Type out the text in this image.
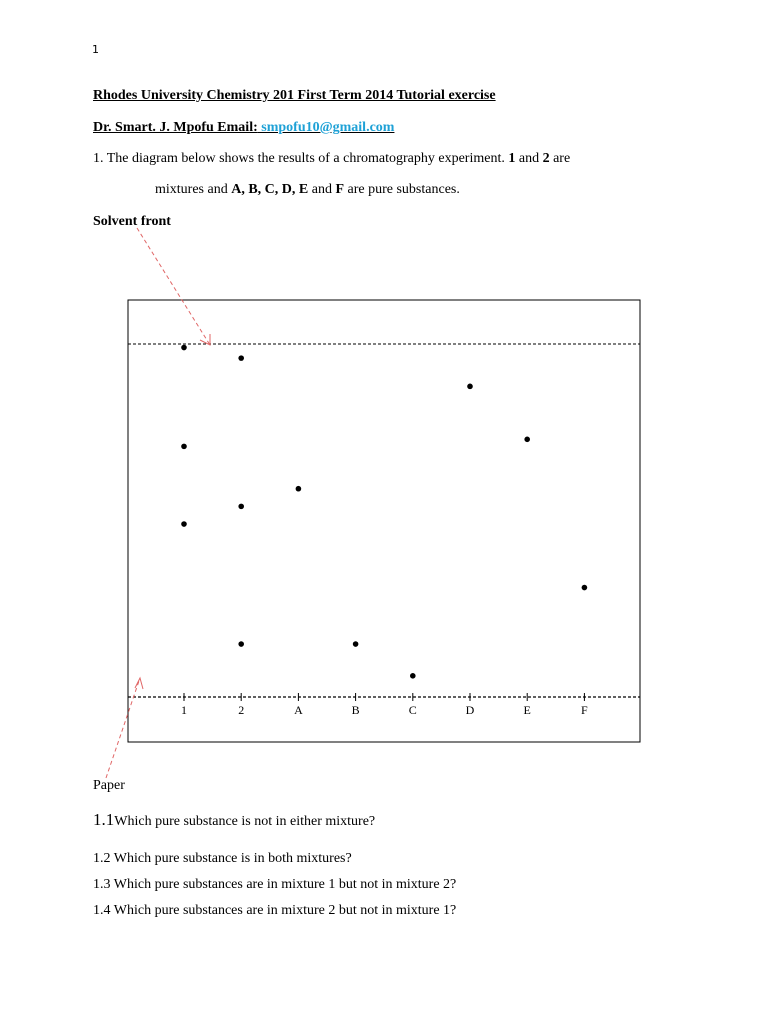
1
Rhodes University Chemistry 201 First Term 2014 Tutorial exercise
Dr. Smart. J. Mpofu Email: smpofu10@gmail.com
1. The diagram below shows the results of a chromatography experiment. 1 and 2 are
mixtures and A, B, C, D, E and F are pure substances.
Solvent front
1	2	A	B	C	D	E	F
Paper
1.1Which pure substance is not in either mixture?
1.2 Which pure substance is in both mixtures?
1.3 Which pure substances are in mixture 1 but not in mixture 2?
1.4 Which pure substances are in mixture 2 but not in mixture 1?
